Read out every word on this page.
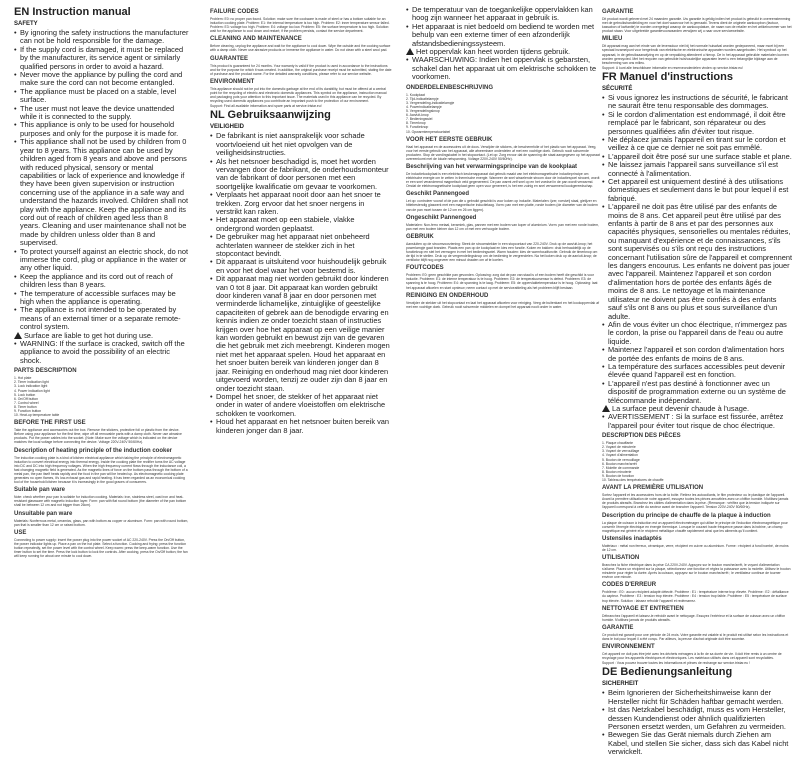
EN Instruction manual
SAFETY
• By ignoring the safety instructions the manufacturer can not be hold responsible for the damage.
• If the supply cord is damaged, it must be replaced by the manufacturer, its service agent or similarly qualified persons in order to avoid a hazard.
• Never move the appliance by pulling the cord and make sure the cord can not become entangled.
• The appliance must be placed on a stable, level surface.
• The user must not leave the device unattended while it is connected to the supply.
• This appliance is only to be used for household purposes and only for the purpose it is made for.
• This appliance shall not be used by children from 0 year to 8 years. This appliance can be used by children aged from 8 years and above and persons with reduced physical, sensory or mental capabilities or lack of experience and knowledge if they have been given supervision or instruction concerning use of the appliance in a safe way and understand the hazards involved. Children shall not play with the appliance. Keep the appliance and its cord out of reach of children aged less than 8 years. Cleaning and user maintenance shall not be made by children unless older than 8 and supervised.
• To protect yourself against an electric shock, do not immerse the cord, plug or appliance in the water or any other liquid.
• Keep the appliance and its cord out of reach of children less than 8 years.
• The temperature of accessible surfaces may be high when the appliance is operating.
• The appliance is not intended to be operated by means of an external timer or a separate remote-control system.
Surface are liable to get hot during use.
• WARNING: If the surface is cracked, switch off the appliance to avoid the possibility of an electric shock.
PARTS DESCRIPTION
1. Hot plate
2. Timer indication light
3. Lock indication light
4. Power indication light
5. Lock button
6. On/Off button
7. Control wheel
8. Timer button
9. Function button
10. Heat-up temperature table
BEFORE THE FIRST USE

Take the appliance and accessories out the box. Remove the stickers, protective foil or plastic from the device. Before using your appliance for the first time, wipe off all removable parts with a damp cloth. Never use abrasive products. Put the power cables into the socket. (Note: Make sure the voltage which is indicated on the device matches the local voltage before connecting the device. Voltage 220V-240V 50/60Hz).

Description of heating principle of the induction cooker

The induction cooking plate is a kind of kitchen electrical appliance which taking the principle of electromagnetic induction to convert electrical energy into thermal energy. Inside the cooking plate the rectifier turns the AC voltage into DC and DC into high frequency voltages. When the high frequency current flows through the inductance coil, a fast changing magnetic field is generated. As the magnetic lines of force on the bottom pass through the bottom of a metal pan, the pan itself heats rapidly and the food in the pan will be heated up. As electromagnetic cooking plate generates no open flames, it's low-exhaust gas and rapid heating. It has been regarded as an economical cooking tool of the household kitchen because it is increasingly in the good graces of consumers.

Suitable pan ware

Note: check whether your pan is suitable for induction cooking. Materials: iron, stainless steel, cast iron and heat-resistant glassware with magnetic induction layer. Form: pan with flat round bottom (the diameter of the pan bottom shall be between 12 cm and not bigger than 26cm).

Unsuitable pan ware

Materials: Nonferrous metal, ceramics, glass, pan with bottom as copper or aluminum. Form: pan with round bottom, pan that is smaller than 12 cm or raised bottom.

USE

Connecting to power supply: insert the power plug into the power socket of AC 220-240V. Press the On/Off button, the power indicator lights up. Place a pan on the hot plate. Select a function. Cooking and frying: press the function button repeatedly, set the power level with the control wheel. Keep warm: press the keep-warm function. Use the timer button to set the time. Press the lock button to lock the controls. After cooking, press the On/Off button; the fan will keep running for about one minute to cool down.

FAILURE CODES

Problem: E0: no proper pan found. Solution: make sure the cookware is made of steel or has a bottom suitable for an induction cooking plate. Problem: E1: the internal temperature is too high. Problem: E2: inner temperature sensor failed. Problem: E3: voltage too high. Problem: E4: voltage too low. Problem: E5: the surface temperature is too high. Solution: wait for the appliance to cool down and restart; if the problem persists, contact the service department.

CLEANING AND MAINTENANCE

Before cleaning, unplug the appliance and wait for the appliance to cool down. Wipe the outside and the cooking surface with a damp cloth. Never use abrasive products or immerse the appliance in water. Do not clean with a steel wool pad.

GUARANTEE

This product is guaranteed for 24 months. Your warranty is valid if the product is used in accordance to the instructions and for the purpose for which it was created. In addition, the original purchase receipt must be submitted, stating the date of purchase and the product name. For the detailed warranty conditions, please refer to our service website.

ENVIRONMENT

This appliance should not be put into the domestic garbage at the end of its durability, but must be offered at a central point for the recycling of electric and electronic domestic appliances. This symbol on the appliance, instruction manual and packaging puts your attention to this important issue. The materials used in this appliance can be recycled. By recycling used domestic appliances you contribute an important push to the protection of our environment.

Support: Find all available information and spare parts at service.tristar.eu!

NL Gebruiksaanwijzing
VEILIGHEID
• De fabrikant is niet aansprakelijk voor schade voortvloeiend uit het niet opvolgen van de veiligheidsinstructies.
• Als het netsnoer beschadigd is, moet het worden vervangen door de fabrikant, de onderhoudsmonteur van de fabrikant of door personen met een soortgelijke kwalificatie om gevaar te voorkomen.
• Verplaats het apparaat nooit door aan het snoer te trekken. Zorg ervoor dat het snoer nergens in verstrikt kan raken.
• Het apparaat moet op een stabiele, vlakke ondergrond worden geplaatst.
• De gebruiker mag het apparaat niet onbeheerd achterlaten wanneer de stekker zich in het stopcontact bevindt.
• Dit apparaat is uitsluitend voor huishoudelijk gebruik en voor het doel waar het voor bestemd is.
• Dit apparaat mag niet worden gebruikt door kinderen van 0 tot 8 jaar. Dit apparaat kan worden gebruikt door kinderen vanaf 8 jaar en door personen met verminderde lichamelijke, zintuiglijke of geestelijke capaciteiten of gebrek aan de benodigde ervaring en kennis indien ze onder toezicht staan of instructies krijgen over hoe het apparaat op een veilige manier kan worden gebruikt en bewust zijn van de gevaren die het gebruik met zich meebrengt. Kinderen mogen niet met het apparaat spelen. Houd het apparaat en het snoer buiten bereik van kinderen jonger dan 8 jaar. Reiniging en onderhoud mag niet door kinderen uitgevoerd worden, tenzij ze ouder zijn dan 8 jaar en onder toezicht staan.
• Dompel het snoer, de stekker of het apparaat niet onder in water of andere vloeistoffen om elektrische schokken te voorkomen.
• Houd het apparaat en het netsnoer buiten bereik van kinderen jonger dan 8 jaar.
• De temperatuur van de toegankelijke oppervlakken kan hoog zijn wanneer het apparaat in gebruik is.
• Het apparaat is niet bedoeld om bediend te worden met behulp van een externe timer of een afzonderlijk afstandsbedieningssysteem.
Het oppervlak kan heet worden tijdens gebruik.
• WAARSCHUWING: Indien het oppervlak is gebarsten, schakel dan het apparaat uit om elektrische schokken te voorkomen.
ONDERDELENBESCHRIJVING
1. Kookplaat
2. Tijd-indicatielampje
3. Vergrendeling-indicatielampje
4. Powerindicatielampje
5. Vergrendelingsknop
6. Aan/uit-knop
7. Bedieningswiel
8. Timerknop
9. Functieknop
10. Opwarmtemperatuurtabel
VOOR HET EERSTE GEBRUIK

Haal het apparaat en de accessoires uit de doos. Verwijder de stickers, de beschermfolie of het plastic van het apparaat. Veeg, voor het eerste gebruik van het apparaat, alle afneembare onderdelen af met een vochtige doek. Gebruik nooit schurende producten. Stop de voedingskabel in het stopcontact. (Let op: Zorg ervoor dat de spanning die staat aangegeven op het apparaat overeenkomt met de lokale netspanning. Voltage 220V-240V 50/60Hz).

Beschrijving van het verwarmingsprincipe van de kookplaat

De inductiekookplaat is een elektrisch keukenapparaat dat gebruik maakt van het elektromagnetische inductieprincipe om elektrische energie om te zetten in thermische energie. Wanneer de snel wisselende stroom door de inductiespoel stroomt, wordt er een snel veranderend magnetisch veld gegenereerd. De pan warmt zelf snel op en het voedsel in de pan wordt verwarmd. Omdat de elektromagnetische kookplaat geen open vuur genereert, is het een zuinig en snel verwarmend kookgereedschap.

Geschikt Pannengoed

Let op: controleer vooraf of de pan die u gebruikt geschikt is voor koken op inductie. Materialen: ijzer, roestvrij staal, gietijzer en hittebestendig glaswerk met een magnetische inductielaag. Vorm: pan met een platte, ronde bodem (de diameter van de bodem van de pan moet tussen de 12 cm en 26 cm liggen).

Ongeschikt Pannengoed

Materialen: Non-ferro metaal, keramiek, glas, pannen met een bodem van koper of aluminium. Vorm: pan met een ronde bodem, pan met een bodem kleiner dan 12 cm of met een verhoogde bodem.

GEBRUIK

Aansluiten op de stroomvoorziening: Steek de stroomstekker in een stopcontact van 220-240V. Druk op de aan/uit-knop; het powerlampje gaat branden. Plaats een pan op de kookplaat en kies een functie. Koken en bakken: druk herhaaldelijk op de functieknop en stel het vermogen in met het bedieningswiel. Warm houden: kies de warmhoudfunctie. Gebruik de timerknop om de tijd in te stellen. Druk op de vergrendelingsknop om de bediening te vergrendelen. Na het koken druk op de aan/uit-knop; de ventilator blijft nog ongeveer een minuut draaien om af te koelen.

FOUTCODES

Probleem: E0: geen geschikte pan gevonden. Oplossing: zorg dat de pan van staal is of een bodem heeft die geschikt is voor inductie. Probleem: E1: de interne temperatuur is te hoog. Probleem: E2: de temperatuursensor is defect. Probleem: E3: de spanning is te hoog. Probleem: E4: de spanning is te laag. Probleem: E5: de oppervlaktetemperatuur is te hoog. Oplossing: laat het apparaat afkoelen en start opnieuw; neem contact op met de serviceafdeling als het probleem blijft bestaan.

REINIGING EN ONDERHOUD

Verwijder de stekker uit het stopcontact en laat het apparaat afkoelen voor reiniging. Veeg de buitenkant en het kookoppervlak af met een vochtige doek. Gebruik nooit schurende middelen en dompel het apparaat nooit onder in water.

GARANTIE

Dit product wordt geleverd met 24 maanden garantie. Uw garantie is geldig indien het product is gebruikt in overeenstemming met de gebruikshandleiding en voor het doel waarvoor het is gemaakt. Tevens dient de originele aankoopbon (factuur, kassabon of kwitantie) te worden overgelegd waarop de aankoopdatum, de naam van de retailer en het artikelnummer van het product staan. Voor uitgebreide garantievoorwaarden verwijzen wij u naar onze servicewebsite.

MILIEU

Dit apparaat mag aan het einde van de levensduur niet bij het normale huisafval worden gedeponeerd, maar moet bij een speciaal inzamelpunt voor hergebruik van elektrische en elektronische apparaten worden aangeboden. Het symbool op het apparaat, in de gebruiksaanwijzing en op de verpakking attendeert u hierop. De in het apparaat gebruikte materialen kunnen worden gerecycled. Met het recyclen van gebruikte huishoudelijke apparaten levert u een belangrijke bijdrage aan de bescherming van ons milieu.

Support: U kunt alle beschikbare informatie en reserveonderdelen vinden op service.tristar.eu!

FR Manuel d'instructions
SÉCURITÉ
• Si vous ignorez les instructions de sécurité, le fabricant ne saurait être tenu responsable des dommages.
• Si le cordon d'alimentation est endommagé, il doit être remplacé par le fabricant, son réparateur ou des personnes qualifiées afin d'éviter tout risque.
• Ne déplacez jamais l'appareil en tirant sur le cordon et veillez à ce que ce dernier ne soit pas emmêlé.
• L'appareil doit être posé sur une surface stable et plane.
• Ne laissez jamais l'appareil sans surveillance s'il est connecté à l'alimentation.
• Cet appareil est uniquement destiné à des utilisations domestiques et seulement dans le but pour lequel il est fabriqué.
• L'appareil ne doit pas être utilisé par des enfants de moins de 8 ans. Cet appareil peut être utilisé par des enfants à partir de 8 ans et par des personnes aux capacités physiques, sensorielles ou mentales réduites, ou manquant d'expérience et de connaissances, s'ils sont supervisés ou s'ils ont reçu des instructions concernant l'utilisation sûre de l'appareil et comprennent les dangers encourus. Les enfants ne doivent pas jouer avec l'appareil. Maintenez l'appareil et son cordon d'alimentation hors de portée des enfants âgés de moins de 8 ans. Le nettoyage et la maintenance utilisateur ne doivent pas être confiés à des enfants sauf s'ils ont 8 ans ou plus et sous surveillance d'un adulte.
• Afin de vous éviter un choc électrique, n'immergez pas le cordon, la prise ou l'appareil dans de l'eau ou autre liquide.
• Maintenez l'appareil et son cordon d'alimentation hors de portée des enfants de moins de 8 ans.
• La température des surfaces accessibles peut devenir élevée quand l'appareil est en fonction.
• L'appareil n'est pas destiné à fonctionner avec un dispositif de programmation externe ou un système de télécommande indépendant.
La surface peut devenir chaude à l'usage.
• AVERTISSEMENT : Si la surface est fissurée, arrêtez l'appareil pour éviter tout risque de choc électrique.
DESCRIPTION DES PIÈCES
1. Plaque chauffante
2. Voyant de minuterie
3. Voyant de verrouillage
4. Voyant d'alimentation
5. Bouton de verrouillage
6. Bouton marche/arrêt
7. Molette de commande
8. Bouton minuterie
9. Bouton de fonction
10. Tableau des températures de chauffe
AVANT LA PREMIÈRE UTILISATION

Sortez l'appareil et les accessoires hors de la boîte. Retirez les autocollants, le film protecteur ou le plastique de l'appareil. Avant la première utilisation de votre appareil, essuyez toutes les pièces amovibles avec un chiffon humide. N'utilisez jamais de produits abrasifs. Branchez les câbles d'alimentation dans la prise. (Remarque : vérifiez que la tension indiquée sur l'appareil correspond à celle du secteur avant de brancher l'appareil. Tension 220V-240V 50/60Hz).

Description du principe de chauffe de la plaque à induction

La plaque de cuisson à induction est un appareil électroménager qui utilise le principe de l'induction électromagnétique pour convertir l'énergie électrique en énergie thermique. Lorsque le courant haute fréquence passe dans la bobine, un champ magnétique est généré et le récipient métallique chauffe rapidement ainsi que les aliments qu'il contient.

Ustensiles inadaptés

Matériaux : métal non ferreux, céramique, verre, récipient en cuivre ou aluminium. Forme : récipient à fond bombé, de moins de 12 cm.

UTILISATION

Branchez la fiche électrique dans la prise CA 220V-240V. Appuyez sur le bouton marche/arrêt, le voyant d'alimentation s'allume. Placez un récipient sur la plaque, sélectionnez une fonction et réglez la puissance avec la molette. Utilisez le bouton minuterie pour régler la durée. Après la cuisson, appuyez sur le bouton marche/arrêt ; le ventilateur continue de tourner environ une minute.

CODES D'ERREUR

Problème : E0 : aucun récipient adapté détecté. Problème : E1 : température interne trop élevée. Problème : E2 : défaillance du capteur. Problème : E3 : tension trop élevée. Problème : E4 : tension trop faible. Problème : E5 : température de surface trop élevée. Solution : laissez refroidir l'appareil et redémarrez.

NETTOYAGE ET ENTRETIEN

Débranchez l'appareil et laissez-le refroidir avant le nettoyage. Essuyez l'extérieur et la surface de cuisson avec un chiffon humide. N'utilisez jamais de produits abrasifs.

GARANTIE

Ce produit est garanti pour une période de 24 mois. Votre garantie est valable si le produit est utilisé selon les instructions et dans le but pour lequel il a été conçu. Par ailleurs, la preuve d'achat originale doit être soumise.

ENVIRONNEMENT

Cet appareil ne doit pas être jeté avec les déchets ménagers à la fin de sa durée de vie. Il doit être remis à un centre de recyclage pour les appareils électriques et électroniques. Les matériaux utilisés dans cet appareil sont recyclables.

Support : Vous pouvez trouver toutes les informations et pièces de rechange sur service.tristar.eu !

DE Bedienungsanleitung
SICHERHEIT
• Beim Ignorieren der Sicherheitshinweise kann der Hersteller nicht für Schäden haftbar gemacht werden.
• Ist das Netzkabel beschädigt, muss es vom Hersteller, dessen Kundendienst oder ähnlich qualifizierten Personen ersetzt werden, um Gefahren zu vermeiden.
• Bewegen Sie das Gerät niemals durch Ziehen am Kabel, und stellen Sie sicher, dass sich das Kabel nicht verwickelt.
